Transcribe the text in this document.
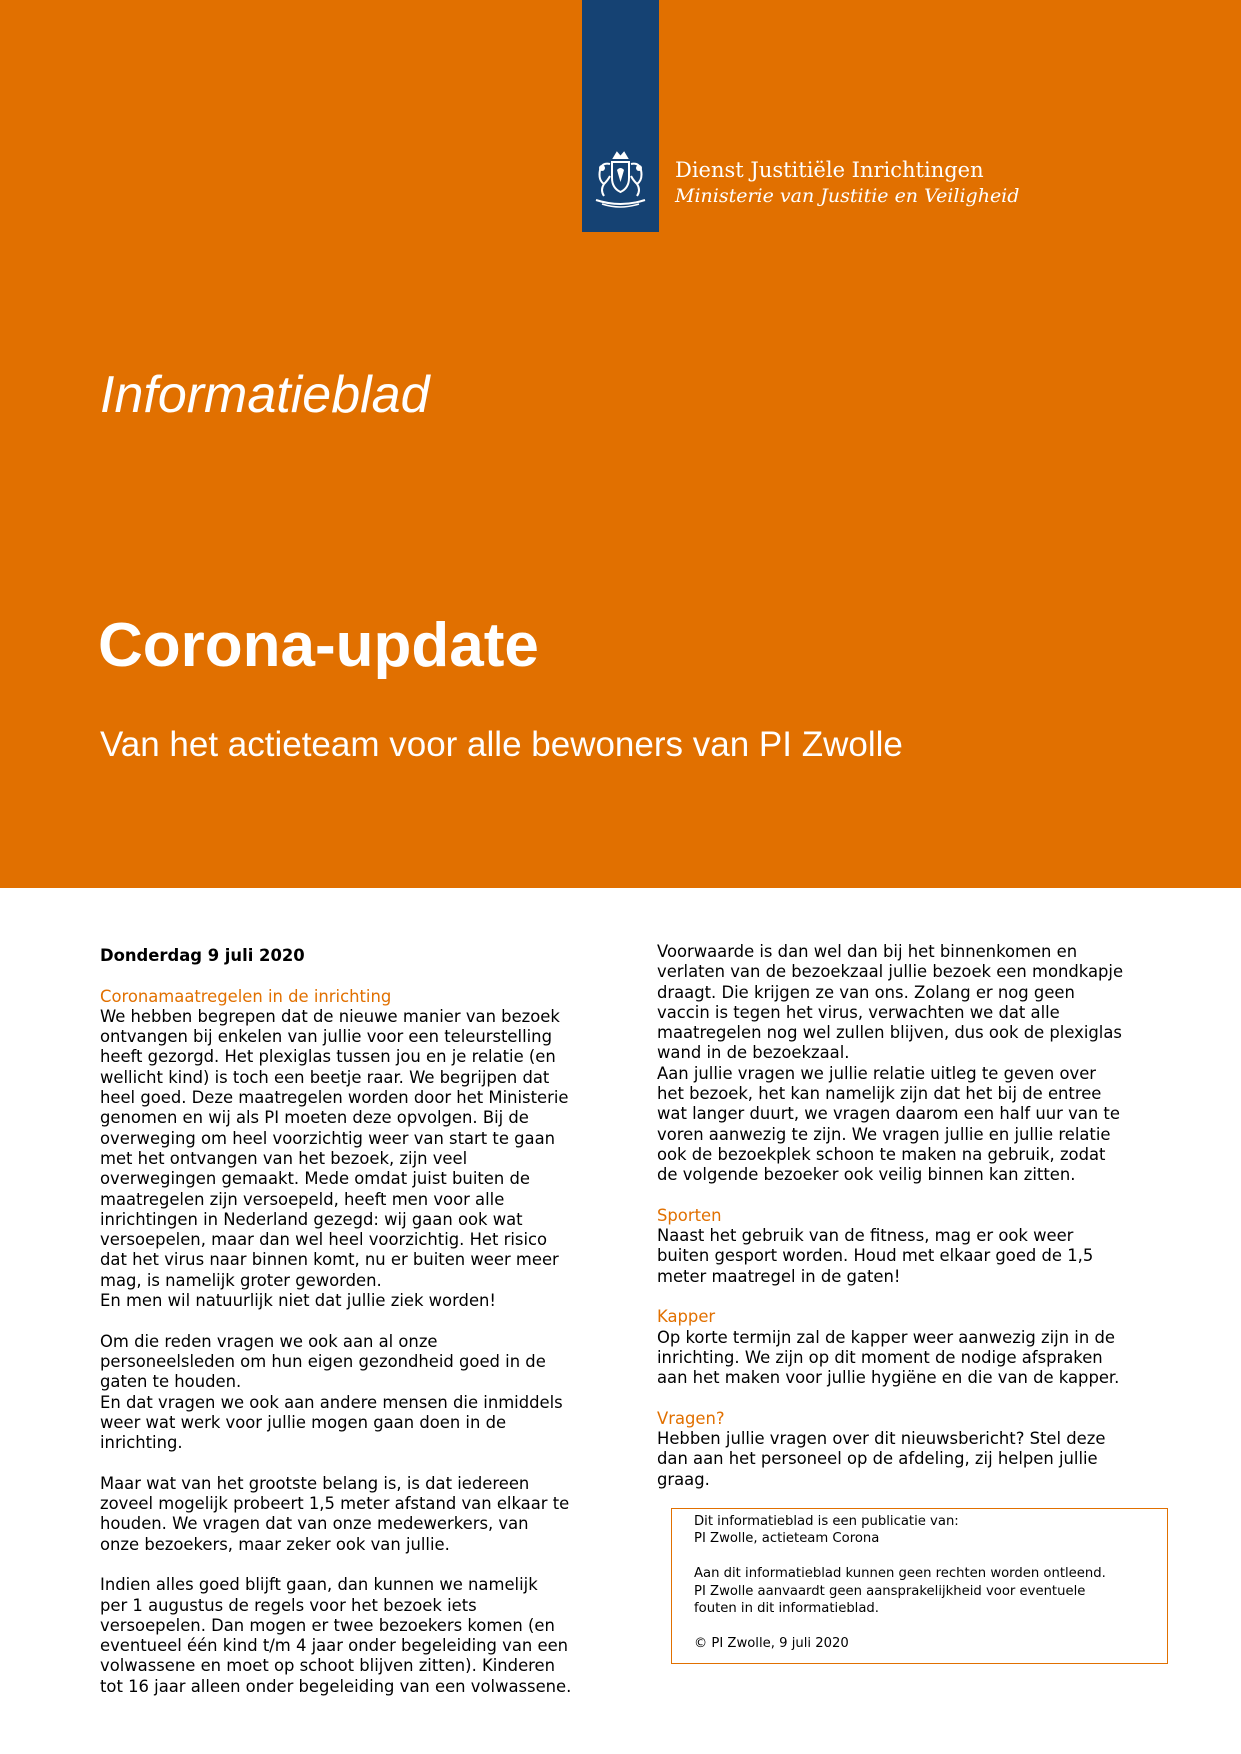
Dienst Justitiële Inrichtingen
Ministerie van Justitie en Veiligheid
Informatieblad
Corona-update
Van het actieteam voor alle bewoners van PI Zwolle

Donderdag 9 juli 2020

Coronamaatregelen in de inrichting

We hebben begrepen dat de nieuwe manier van bezoek

ontvangen bij enkelen van jullie voor een teleurstelling

heeft gezorgd. Het plexiglas tussen jou en je relatie (en

wellicht kind) is toch een beetje raar. We begrijpen dat

heel goed. Deze maatregelen worden door het Ministerie

genomen en wij als PI moeten deze opvolgen. Bij de

overweging om heel voorzichtig weer van start te gaan

met het ontvangen van het bezoek, zijn veel

overwegingen gemaakt. Mede omdat juist buiten de

maatregelen zijn versoepeld, heeft men voor alle

inrichtingen in Nederland gezegd: wij gaan ook wat

versoepelen, maar dan wel heel voorzichtig. Het risico

dat het virus naar binnen komt, nu er buiten weer meer

mag, is namelijk groter geworden.

En men wil natuurlijk niet dat jullie ziek worden!

Om die reden vragen we ook aan al onze

personeelsleden om hun eigen gezondheid goed in de

gaten te houden.

En dat vragen we ook aan andere mensen die inmiddels

weer wat werk voor jullie mogen gaan doen in de

inrichting.

Maar wat van het grootste belang is, is dat iedereen

zoveel mogelijk probeert 1,5 meter afstand van elkaar te

houden. We vragen dat van onze medewerkers, van

onze bezoekers, maar zeker ook van jullie.

Indien alles goed blijft gaan, dan kunnen we namelijk

per 1 augustus de regels voor het bezoek iets

versoepelen. Dan mogen er twee bezoekers komen (en

eventueel één kind t/m 4 jaar onder begeleiding van een

volwassene en moet op schoot blijven zitten). Kinderen

tot 16 jaar alleen onder begeleiding van een volwassene.

Voorwaarde is dan wel dan bij het binnenkomen en

verlaten van de bezoekzaal jullie bezoek een mondkapje

draagt. Die krijgen ze van ons. Zolang er nog geen

vaccin is tegen het virus, verwachten we dat alle

maatregelen nog wel zullen blijven, dus ook de plexiglas

wand in de bezoekzaal.

Aan jullie vragen we jullie relatie uitleg te geven over

het bezoek, het kan namelijk zijn dat het bij de entree

wat langer duurt, we vragen daarom een half uur van te

voren aanwezig te zijn. We vragen jullie en jullie relatie

ook de bezoekplek schoon te maken na gebruik, zodat

de volgende bezoeker ook veilig binnen kan zitten.

Sporten

Naast het gebruik van de fitness, mag er ook weer

buiten gesport worden. Houd met elkaar goed de 1,5

meter maatregel in de gaten!

Kapper

Op korte termijn zal de kapper weer aanwezig zijn in de

inrichting. We zijn op dit moment de nodige afspraken

aan het maken voor jullie hygiëne en die van de kapper.

Vragen?

Hebben jullie vragen over dit nieuwsbericht? Stel deze

dan aan het personeel op de afdeling, zij helpen jullie

graag.

Dit informatieblad is een publicatie van:

PI Zwolle, actieteam Corona

Aan dit informatieblad kunnen geen rechten worden ontleend.

PI Zwolle aanvaardt geen aansprakelijkheid voor eventuele

fouten in dit informatieblad.

© PI Zwolle, 9 juli 2020
